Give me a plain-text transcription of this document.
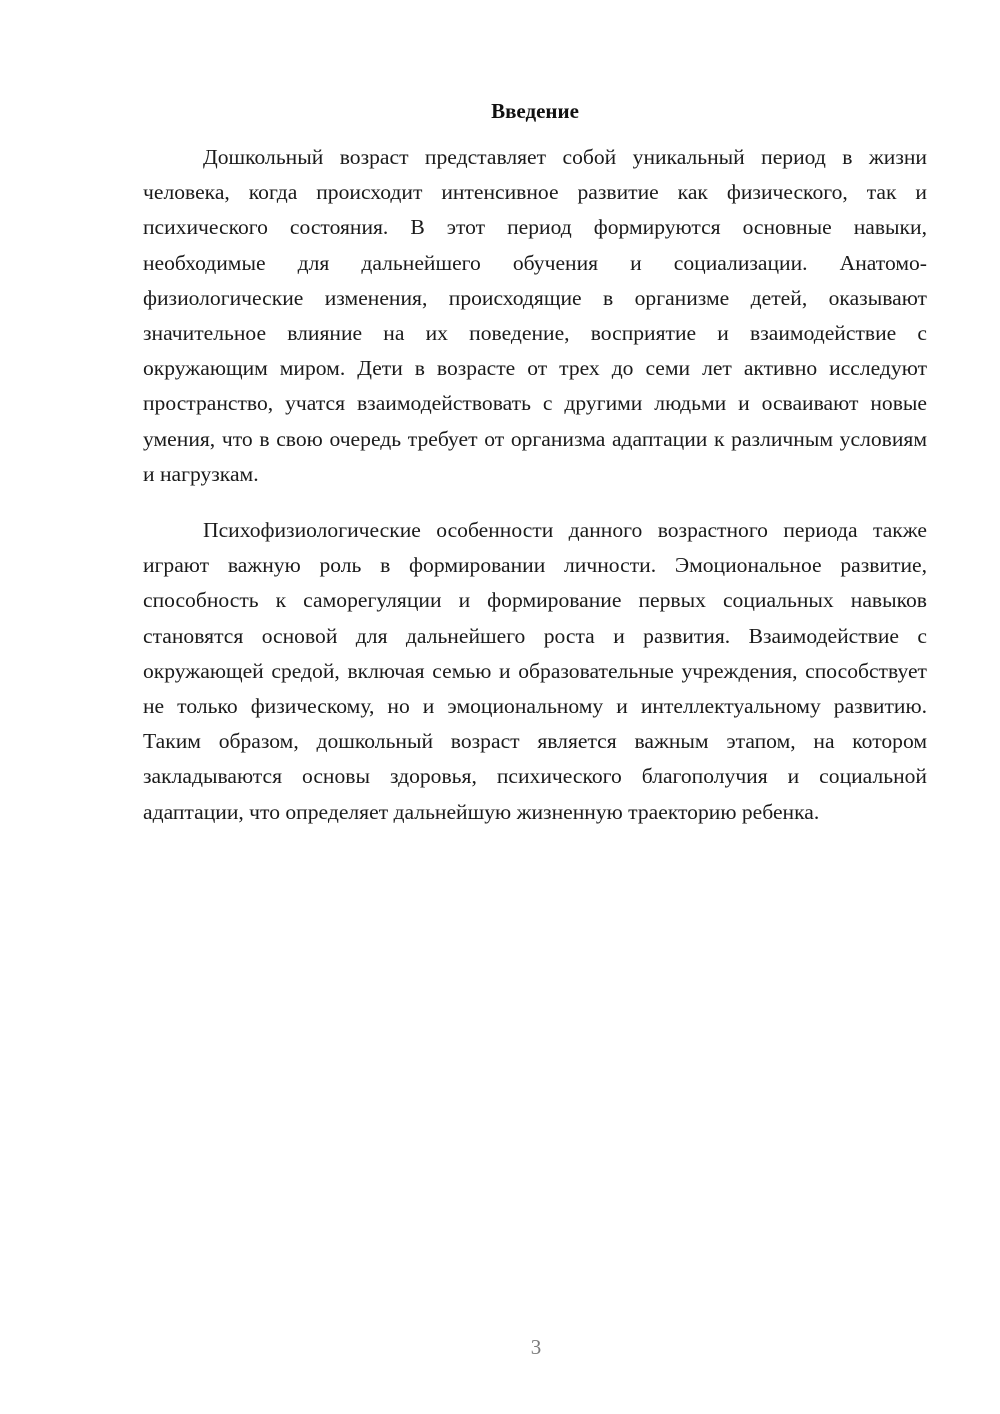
Введение

Дошкольный возраст представляет собой уникальный период в жизни человека, когда происходит интенсивное развитие как физического, так и психического состояния. В этот период формируются основные навыки, необходимые для дальнейшего обучения и социализации. Анатомо-физиологические изменения, происходящие в организме детей, оказывают значительное влияние на их поведение, восприятие и взаимодействие с окружающим миром. Дети в возрасте от трех до семи лет активно исследуют пространство, учатся взаимодействовать с другими людьми и осваивают новые умения, что в свою очередь требует от организма адаптации к различным условиям и нагрузкам.

Психофизиологические особенности данного возрастного периода также играют важную роль в формировании личности. Эмоциональное развитие, способность к саморегуляции и формирование первых социальных навыков становятся основой для дальнейшего роста и развития. Взаимодействие с окружающей средой, включая семью и образовательные учреждения, способствует не только физическому, но и эмоциональному и интеллектуальному развитию. Таким образом, дошкольный возраст является важным этапом, на котором закладываются основы здоровья, психического благополучия и социальной адаптации, что определяет дальнейшую жизненную траекторию ребенка.

3
